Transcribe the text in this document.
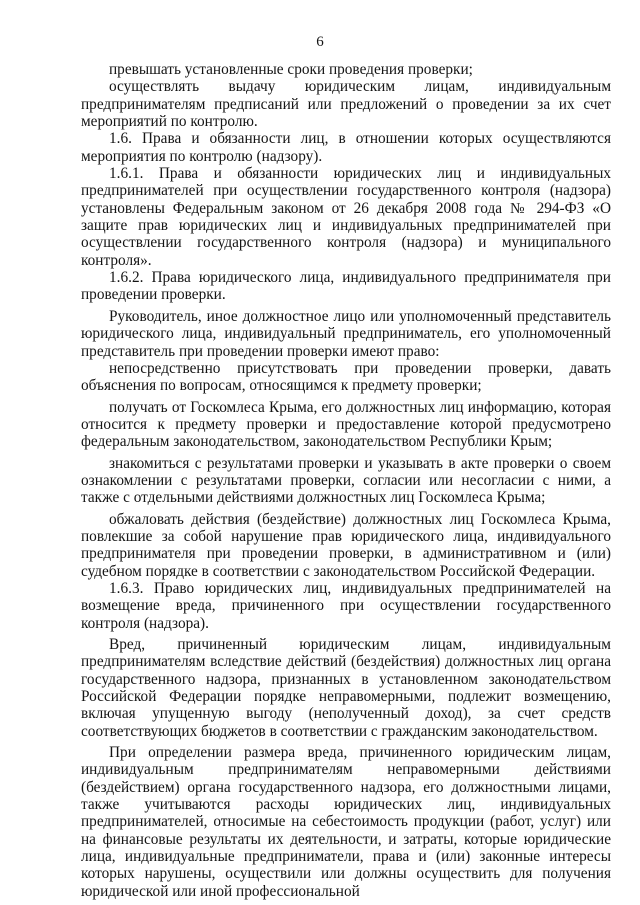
6

превышать установленные сроки проведения проверки;

осуществлять выдачу юридическим лицам, индивидуальным предпринимателям предписаний или предложений о проведении за их счет мероприятий по контролю.

1.6. Права и обязанности лиц, в отношении которых осуществляются мероприятия по контролю (надзору).

1.6.1. Права и обязанности юридических лиц и индивидуальных предпринимателей при осуществлении государственного контроля (надзора) установлены Федеральным законом от 26 декабря 2008 года № 294-ФЗ «О защите прав юридических лиц и индивидуальных предпринимателей при осуществлении государственного контроля (надзора) и муниципального контроля».

1.6.2. Права юридического лица, индивидуального предпринимателя при проведении проверки.

Руководитель, иное должностное лицо или уполномоченный представитель юридического лица, индивидуальный предприниматель, его уполномоченный представитель при проведении проверки имеют право:

непосредственно присутствовать при проведении проверки, давать объяснения по вопросам, относящимся к предмету проверки;

получать от Госкомлеса Крыма, его должностных лиц информацию, которая относится к предмету проверки и предоставление которой предусмотрено федеральным законодательством, законодательством Республики Крым;

знакомиться с результатами проверки и указывать в акте проверки о своем ознакомлении с результатами проверки, согласии или несогласии с ними, а также с отдельными действиями должностных лиц Госкомлеса Крыма;

обжаловать действия (бездействие) должностных лиц Госкомлеса Крыма, повлекшие за собой нарушение прав юридического лица, индивидуального предпринимателя при проведении проверки, в административном и (или) судебном порядке в соответствии с законодательством Российской Федерации.

1.6.3. Право юридических лиц, индивидуальных предпринимателей на возмещение вреда, причиненного при осуществлении государственного контроля (надзора).

Вред, причиненный юридическим лицам, индивидуальным предпринимателям вследствие действий (бездействия) должностных лиц органа государственного надзора, признанных в установленном законодательством Российской Федерации порядке неправомерными, подлежит возмещению, включая упущенную выгоду (неполученный доход), за счет средств соответствующих бюджетов в соответствии с гражданским законодательством.

При определении размера вреда, причиненного юридическим лицам, индивидуальным предпринимателям неправомерными действиями (бездействием) органа государственного надзора, его должностными лицами, также учитываются расходы юридических лиц, индивидуальных предпринимателей, относимые на себестоимость продукции (работ, услуг) или на финансовые результаты их деятельности, и затраты, которые юридические лица, индивидуальные предприниматели, права и (или) законные интересы которых нарушены, осуществили или должны осуществить для получения юридической или иной профессиональной
